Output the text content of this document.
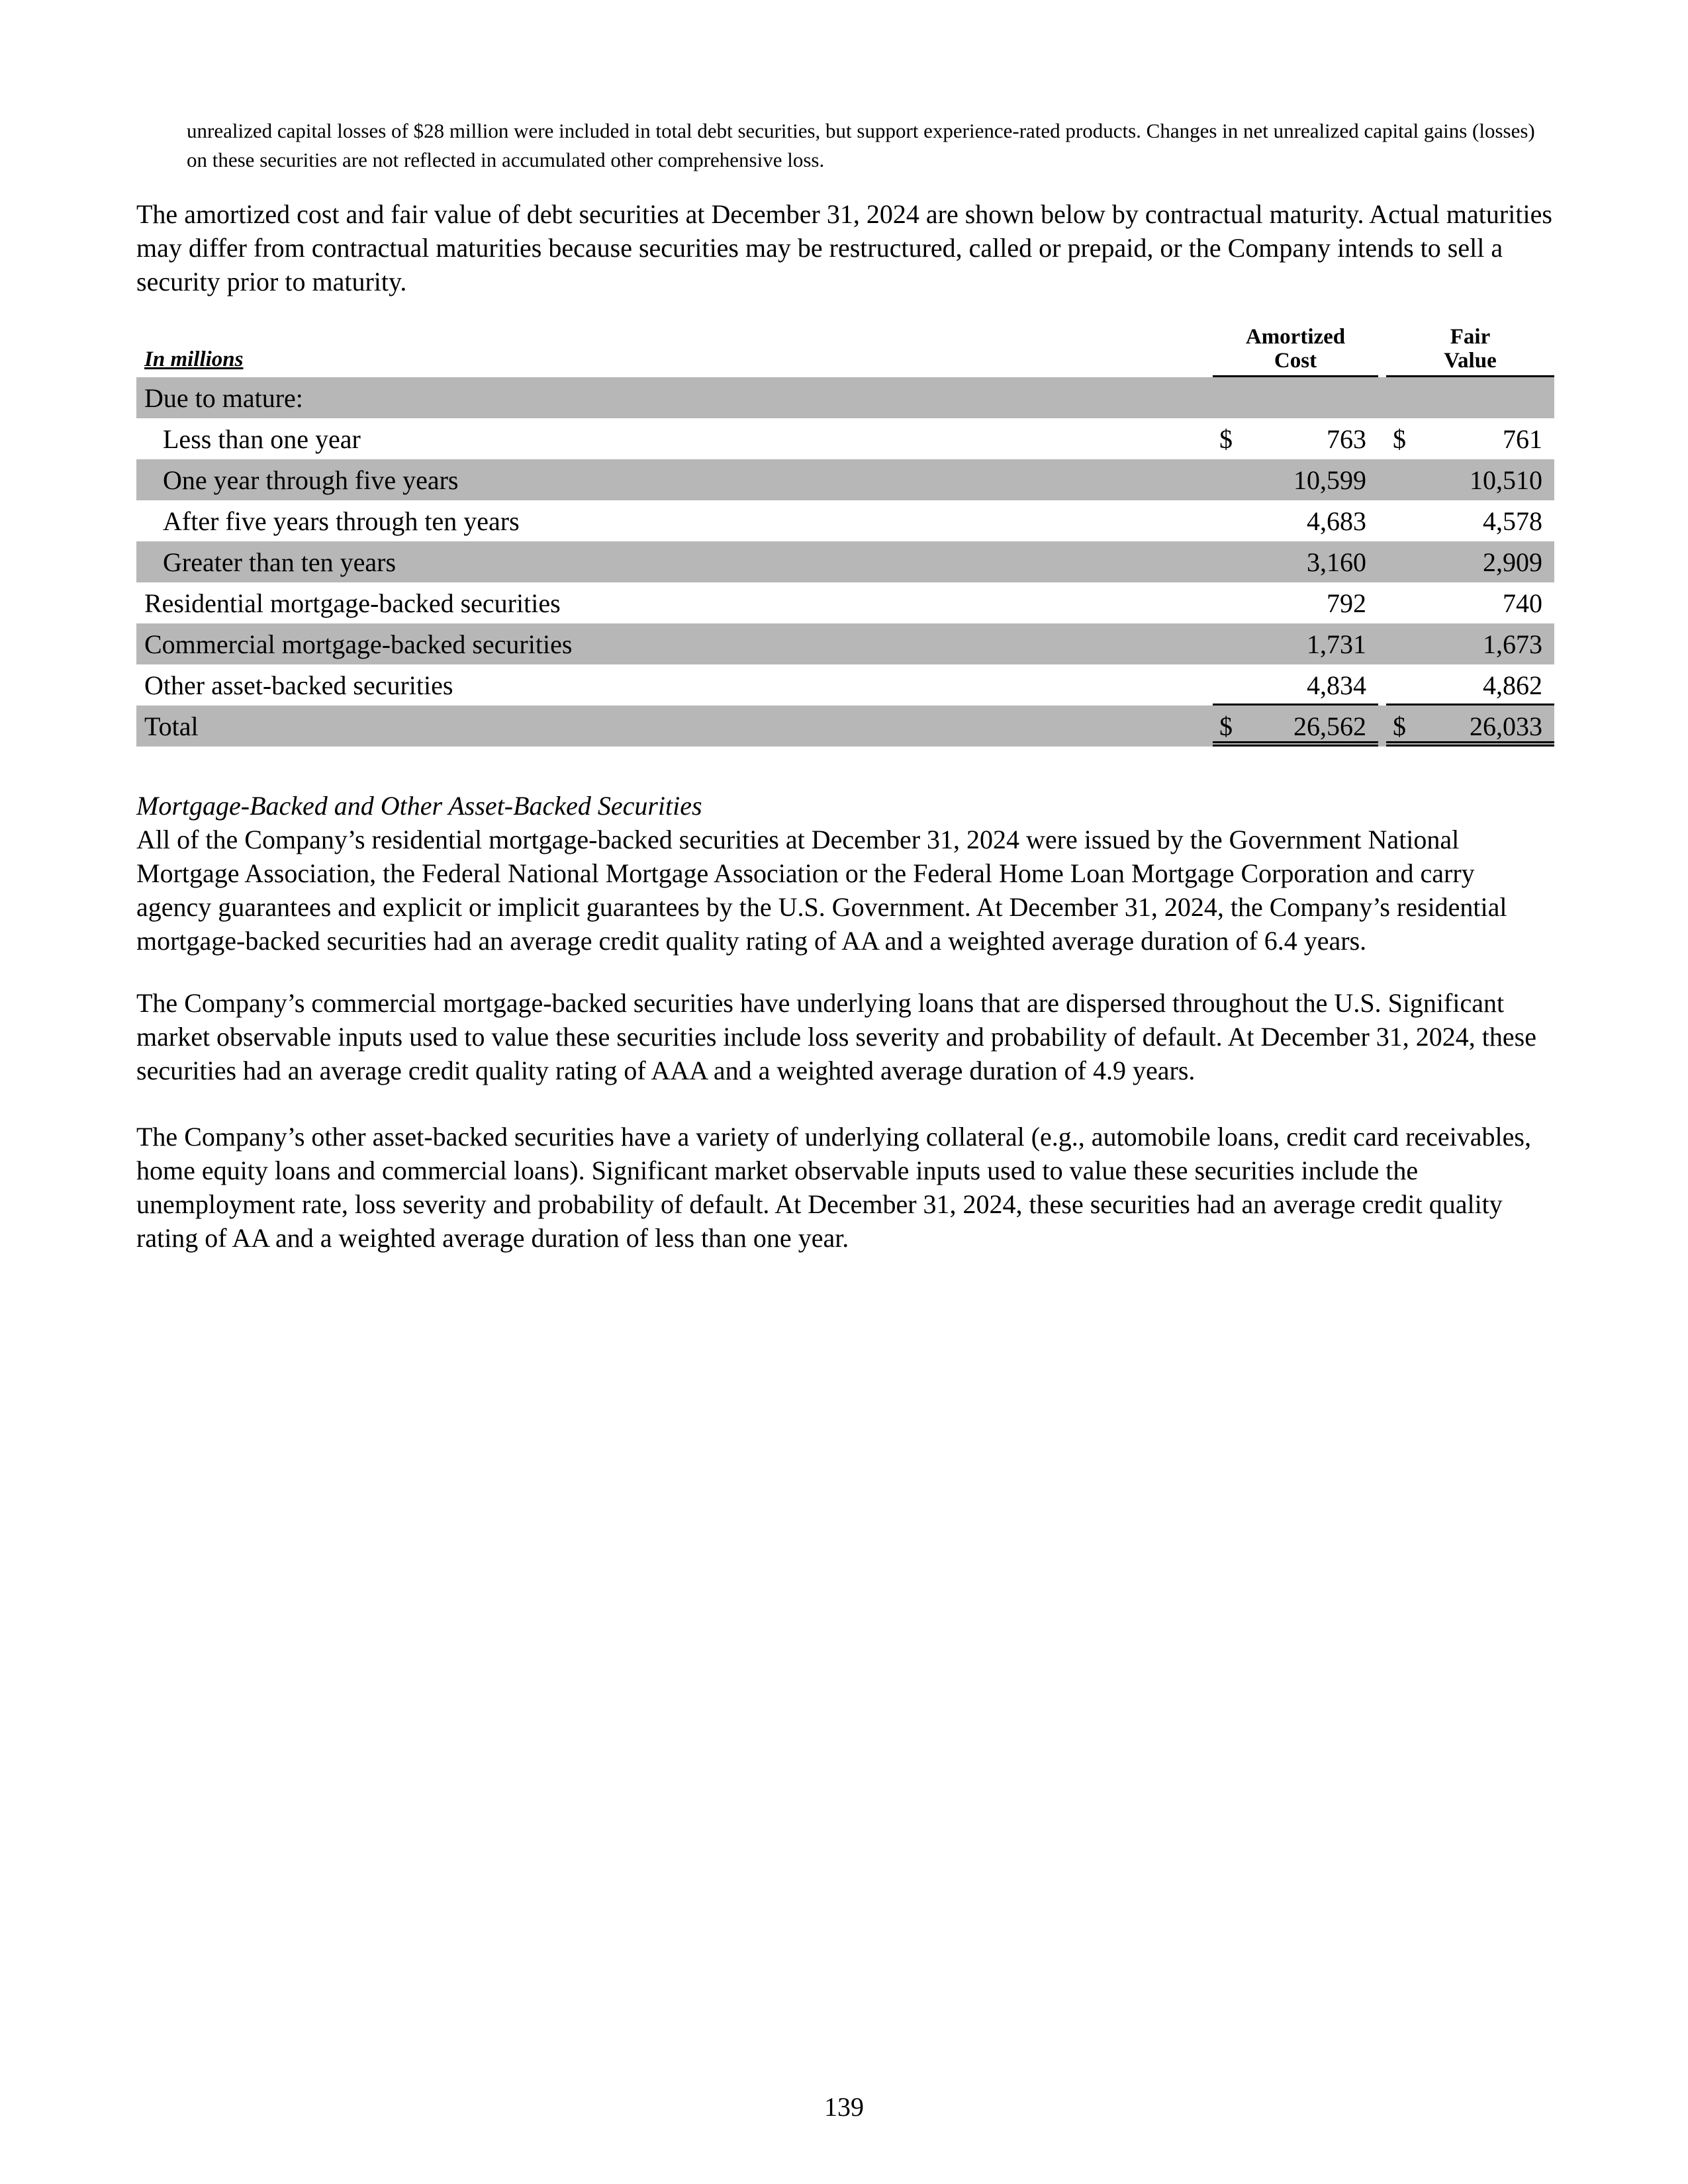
unrealized capital losses of $28 million were included in total debt securities, but support experience-rated products. Changes in net unrealized capital gains (losses) on these securities are not reflected in accumulated other comprehensive loss.
The amortized cost and fair value of debt securities at December 31, 2024 are shown below by contractual maturity. Actual maturities may differ from contractual maturities because securities may be restructured, called or prepaid, or the Company intends to sell a security prior to maturity.
In millions
Amortized
Cost
Fair
Value
Due to mature:
Less than one year	$	763 $	761
One year through five years	10,599	10,510
After five years through ten years	4,683	4,578
Greater than ten years	3,160	2,909
Residential mortgage-backed securities	792	740
Commercial mortgage-backed securities	1,731	1,673
Other asset-backed securities	4,834	4,862
Total	$ 26,562 $ 26,033
Mortgage-Backed and Other Asset-Backed Securities
All of the Company’s residential mortgage-backed securities at December 31, 2024 were issued by the Government National Mortgage Association, the Federal National Mortgage Association or the Federal Home Loan Mortgage Corporation and carry agency guarantees and explicit or implicit guarantees by the U.S. Government. At December 31, 2024, the Company’s residential mortgage-backed securities had an average credit quality rating of AA and a weighted average duration of 6.4 years.
The Company’s commercial mortgage-backed securities have underlying loans that are dispersed throughout the U.S. Significant market observable inputs used to value these securities include loss severity and probability of default. At December 31, 2024, these securities had an average credit quality rating of AAA and a weighted average duration of 4.9 years.
The Company’s other asset-backed securities have a variety of underlying collateral (e.g., automobile loans, credit card receivables, home equity loans and commercial loans). Significant market observable inputs used to value these securities include the unemployment rate, loss severity and probability of default. At December 31, 2024, these securities had an average credit quality rating of AA and a weighted average duration of less than one year.
139
